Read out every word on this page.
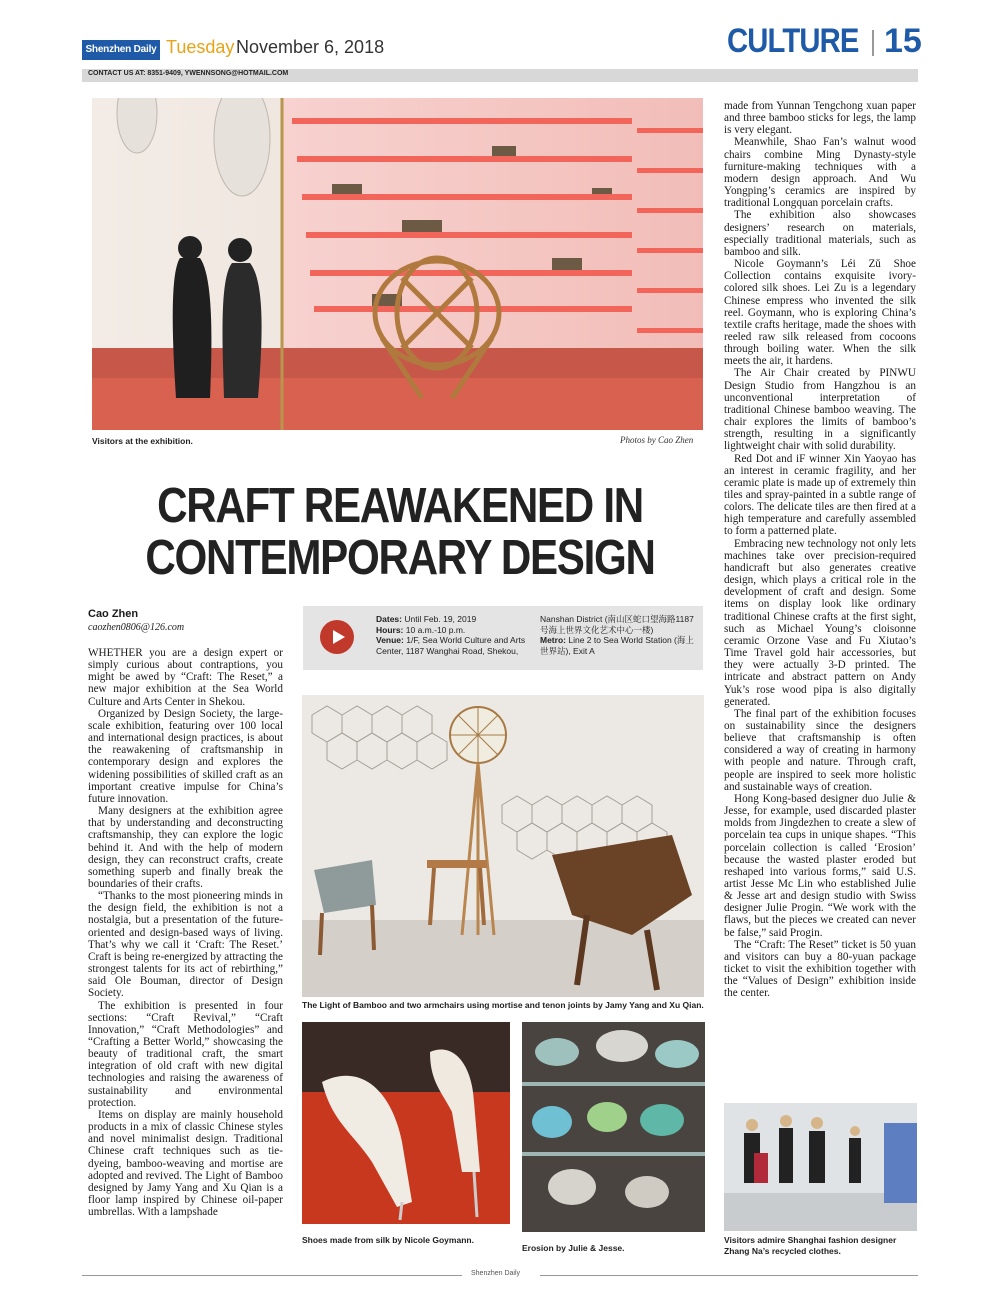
Shenzhen Daily Tuesday November 6, 2018	CULTURE 15
CONTACT US AT: 8351-9409, YWENNSONG@HOTMAIL.COM
Visitors at the exhibition.	Photos by Cao Zhen
CRAFT REAWAKENED IN
CONTEMPORARY DESIGN
Cao Zhen
caozhen0806@126.com

WHETHER you are a design expert or simply curious about contraptions, you might be awed by “Craft: The Reset,” a new major exhibition at the Sea World Culture and Arts Center in Shekou.

Organized by Design Society, the large-scale exhibition, featuring over 100 local and international design practices, is about the reawakening of craftsmanship in contemporary design and explores the widening possibilities of skilled craft as an important creative impulse for China’s future innovation.

Many designers at the exhibition agree that by understanding and deconstructing craftsmanship, they can explore the logic behind it. And with the help of modern design, they can reconstruct crafts, create something superb and finally break the boundaries of their crafts.

“Thanks to the most pioneering minds in the design field, the exhibition is not a nostalgia, but a presentation of the future-oriented and design-based ways of living. That’s why we call it ‘Craft: The Reset.’ Craft is being re-energized by attracting the strongest talents for its act of rebirthing,” said Ole Bouman, director of Design Society.

The exhibition is presented in four sections: “Craft Revival,” “Craft Innovation,” “Craft Methodologies” and “Crafting a Better World,” showcasing the beauty of traditional craft, the smart integration of old craft with new digital technologies and raising the awareness of sustainability and environmental protection.

Items on display are mainly household products in a mix of classic Chinese styles and novel minimalist design. Traditional Chinese craft techniques such as tie-dyeing, bamboo-weaving and mortise are adopted and revived. The Light of Bamboo designed by Jamy Yang and Xu Qian is a floor lamp inspired by Chinese oil-paper umbrellas. With a lampshade

Dates: Until Feb. 19, 2019
Hours: 10 a.m.-10 p.m.
Venue: 1/F, Sea World Culture and Arts Center, 1187 Wanghai Road, Shekou,
Nanshan District (南山区蛇口望海路1187号海上世界文化艺术中心一楼)
Metro: Line 2 to Sea World Station (海上世界站), Exit A
The Light of Bamboo and two armchairs using mortise and tenon joints by Jamy Yang and Xu Qian.
Shoes made from silk by Nicole Goymann.
Erosion by Julie & Jesse.

made from Yunnan Tengchong xuan paper and three bamboo sticks for legs, the lamp is very elegant.

Meanwhile, Shao Fan’s walnut wood chairs combine Ming Dynasty-style furniture-making techniques with a modern design approach. And Wu Yongping’s ceramics are inspired by traditional Longquan porcelain crafts.

The exhibition also showcases designers’ research on materials, especially traditional materials, such as bamboo and silk.

Nicole Goymann’s Léi Zǔ Shoe Collection contains exquisite ivory-colored silk shoes. Lei Zu is a legendary Chinese empress who invented the silk reel. Goymann, who is exploring China’s textile crafts heritage, made the shoes with reeled raw silk released from cocoons through boiling water. When the silk meets the air, it hardens.

The Air Chair created by PINWU Design Studio from Hangzhou is an unconventional interpretation of traditional Chinese bamboo weaving. The chair explores the limits of bamboo’s strength, resulting in a significantly lightweight chair with solid durability.

Red Dot and iF winner Xin Yaoyao has an interest in ceramic fragility, and her ceramic plate is made up of extremely thin tiles and spray-painted in a subtle range of colors. The delicate tiles are then fired at a high temperature and carefully assembled to form a patterned plate.

Embracing new technology not only lets machines take over precision-required handicraft but also generates creative design, which plays a critical role in the development of craft and design. Some items on display look like ordinary traditional Chinese crafts at the first sight, such as Michael Young’s cloisonne ceramic Orzone Vase and Fu Xiutao’s Time Travel gold hair accessories, but they were actually 3-D printed. The intricate and abstract pattern on Andy Yuk’s rose wood pipa is also digitally generated.

The final part of the exhibition focuses on sustainability since the designers believe that craftsmanship is often considered a way of creating in harmony with people and nature. Through craft, people are inspired to seek more holistic and sustainable ways of creation.

Hong Kong-based designer duo Julie & Jesse, for example, used discarded plaster molds from Jingdezhen to create a slew of porcelain tea cups in unique shapes. “This porcelain collection is called ‘Erosion’ because the wasted plaster eroded but reshaped into various forms,” said U.S. artist Jesse Mc Lin who established Julie & Jesse art and design studio with Swiss designer Julie Progin. “We work with the flaws, but the pieces we created can never be false,” said Progin.

The “Craft: The Reset” ticket is 50 yuan and visitors can buy a 80-yuan package ticket to visit the exhibition together with the “Values of Design” exhibition inside the center.

Visitors admire Shanghai fashion designer Zhang Na’s recycled clothes.
Shenzhen Daily
